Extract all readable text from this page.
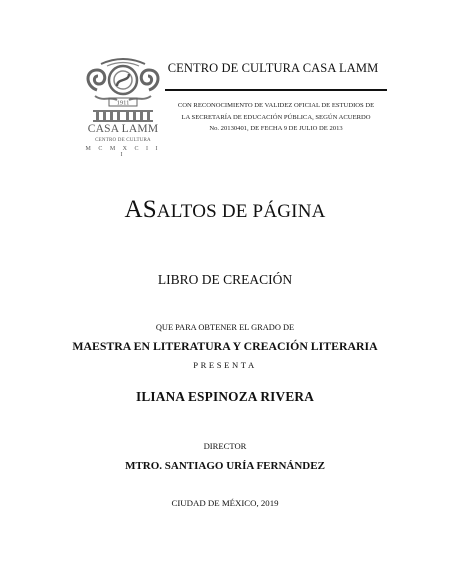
1911
CASA LAMM
CENTRO DE CULTURA
M C M X C I I I
CENTRO DE CULTURA CASA LAMM
CON RECONOCIMIENTO DE VALIDEZ OFICIAL DE ESTUDIOS DE
LA SECRETARÍA DE EDUCACIÓN PÚBLICA, SEGÚN ACUERDO
No. 20130401, DE FECHA 9 DE JULIO DE 2013
ASALTOS DE PÁGINA
LIBRO DE CREACIÓN
QUE PARA OBTENER EL GRADO DE
MAESTRA EN LITERATURA Y CREACIÓN LITERARIA
PRESENTA
ILIANA ESPINOZA RIVERA
DIRECTOR
MTRO. SANTIAGO URÍA FERNÁNDEZ
CIUDAD DE MÉXICO, 2019
